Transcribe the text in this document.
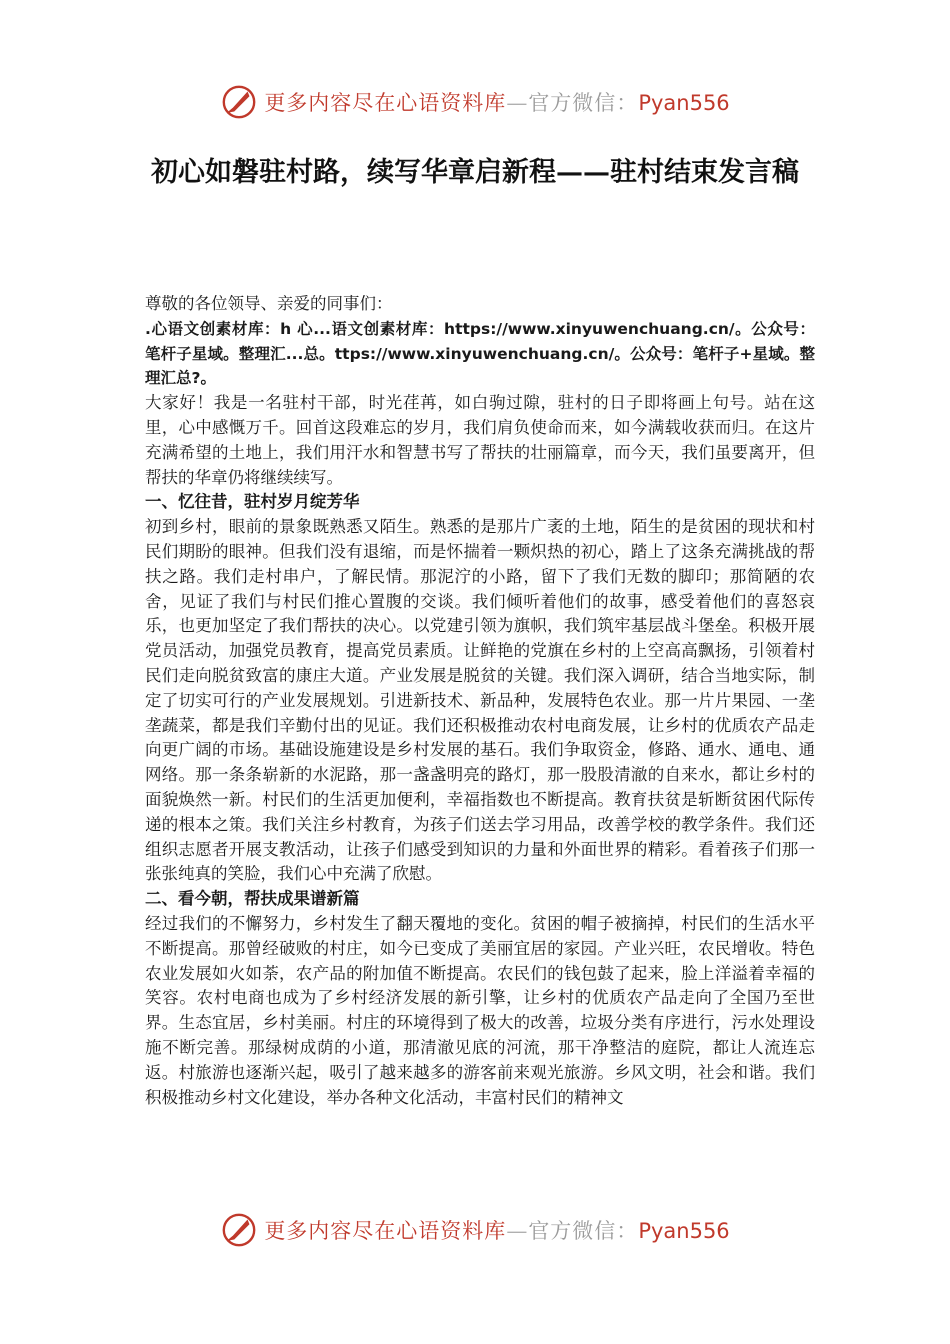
更多内容尽在心语资料库—官方微信：Pyan556
初心如磐驻村路，续写华章启新程——驻村结束发言稿

尊敬的各位领导、亲爱的同事们：

.心语文创素材库：h 心...语文创素材库：https://www.xinyuwenchuang.cn/。公众号：笔杆子星域。整理汇...总。ttps://www.xinyuwenchuang.cn/。公众号：笔杆子+星域。整理汇总?。

大家好！我是一名驻村干部，时光荏苒，如白驹过隙，驻村的日子即将画上句号。站在这里，心中感慨万千。回首这段难忘的岁月，我们肩负使命而来，如今满载收获而归。在这片充满希望的土地上，我们用汗水和智慧书写了帮扶的壮丽篇章，而今天，我们虽要离开，但帮扶的华章仍将继续续写。

一、忆往昔，驻村岁月绽芳华

初到乡村，眼前的景象既熟悉又陌生。熟悉的是那片广袤的土地，陌生的是贫困的现状和村民们期盼的眼神。但我们没有退缩，而是怀揣着一颗炽热的初心，踏上了这条充满挑战的帮扶之路。我们走村串户，了解民情。那泥泞的小路，留下了我们无数的脚印；那简陋的农舍，见证了我们与村民们推心置腹的交谈。我们倾听着他们的故事，感受着他们的喜怒哀乐，也更加坚定了我们帮扶的决心。以党建引领为旗帜，我们筑牢基层战斗堡垒。积极开展党员活动，加强党员教育，提高党员素质。让鲜艳的党旗在乡村的上空高高飘扬，引领着村民们走向脱贫致富的康庄大道。产业发展是脱贫的关键。我们深入调研，结合当地实际，制定了切实可行的产业发展规划。引进新技术、新品种，发展特色农业。那一片片果园、一垄垄蔬菜，都是我们辛勤付出的见证。我们还积极推动农村电商发展，让乡村的优质农产品走向更广阔的市场。基础设施建设是乡村发展的基石。我们争取资金，修路、通水、通电、通网络。那一条条崭新的水泥路，那一盏盏明亮的路灯，那一股股清澈的自来水，都让乡村的面貌焕然一新。村民们的生活更加便利，幸福指数也不断提高。教育扶贫是斩断贫困代际传递的根本之策。我们关注乡村教育，为孩子们送去学习用品，改善学校的教学条件。我们还组织志愿者开展支教活动，让孩子们感受到知识的力量和外面世界的精彩。看着孩子们那一张张纯真的笑脸，我们心中充满了欣慰。

二、看今朝，帮扶成果谱新篇

经过我们的不懈努力，乡村发生了翻天覆地的变化。贫困的帽子被摘掉，村民们的生活水平不断提高。那曾经破败的村庄，如今已变成了美丽宜居的家园。产业兴旺，农民增收。特色农业发展如火如荼，农产品的附加值不断提高。农民们的钱包鼓了起来，脸上洋溢着幸福的笑容。农村电商也成为了乡村经济发展的新引擎，让乡村的优质农产品走向了全国乃至世界。生态宜居，乡村美丽。村庄的环境得到了极大的改善，垃圾分类有序进行，污水处理设施不断完善。那绿树成荫的小道，那清澈见底的河流，那干净整洁的庭院，都让人流连忘返。村旅游也逐渐兴起，吸引了越来越多的游客前来观光旅游。乡风文明，社会和谐。我们积极推动乡村文化建设，举办各种文化活动，丰富村民们的精神文

更多内容尽在心语资料库—官方微信：Pyan556
